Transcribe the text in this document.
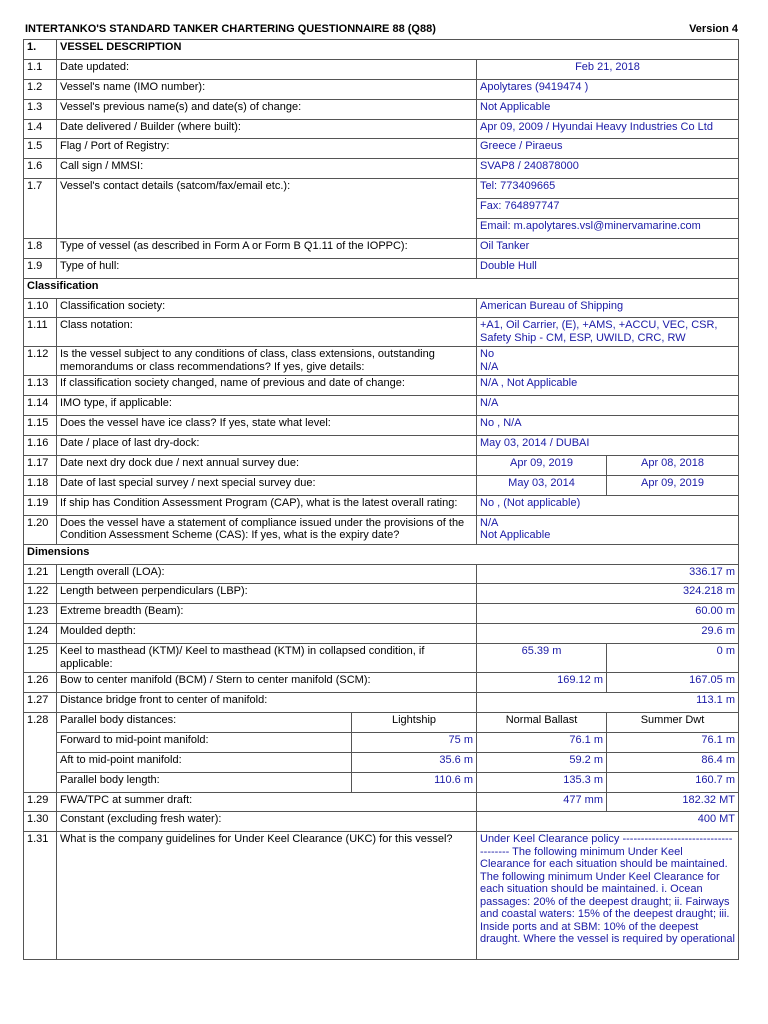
INTERTANKO'S STANDARD TANKER CHARTERING QUESTIONNAIRE 88 (Q88)	Version 4
1.	VESSEL DESCRIPTION			
1.1	Date updated:		Feb 21, 2018	
1.2	Vessel's name (IMO number):		Apolytares (9419474 )	
1.3	Vessel's previous name(s) and date(s) of change:		Not Applicable	
1.4	Date delivered / Builder (where built):		Apr 09, 2009 / Hyundai Heavy Industries Co Ltd	
1.5	Flag / Port of Registry:		Greece / Piraeus	
1.6	Call sign / MMSI:		SVAP8 / 240878000	
1.7	Vessel's contact details (satcom/fax/email etc.):		Tel: 773409665	
			Fax: 764897747	
			Email: m.apolytares.vsl@minervamarine.com	
1.8	Type of vessel (as described in Form A or Form B Q1.11 of the IOPPC):		Oil Tanker	
1.9	Type of hull:		Double Hull	
Classification				
1.10	Classification society:		American Bureau of Shipping	
1.11	Class notation:		+A1, Oil Carrier, (E), +AMS, +ACCU, VEC, CSR, Safety Ship - CM, ESP, UWILD, CRC, RW	
1.12	Is the vessel subject to any conditions of class, class extensions, outstanding memorandums or class recommendations? If yes, give details:		No
N/A	

1.13	If classification society changed, name of previous and date of change:		N/A , Not Applicable	
1.14	IMO type, if applicable:		N/A	
1.15	Does the vessel have ice class? If yes, state what level:		No , N/A	
1.16	Date / place of last dry-dock:		May 03, 2014 / DUBAI	
1.17	Date next dry dock due / next annual survey due:		Apr 09, 2019	Apr 08, 2018
1.18	Date of last special survey / next special survey due:		May 03, 2014	Apr 09, 2019
1.19	If ship has Condition Assessment Program (CAP), what is the latest overall rating:		No , (Not applicable)	
1.20	Does the vessel have a statement of compliance issued under the provisions of the Condition Assessment Scheme (CAS): If yes, what is the expiry date?		N/A
Not Applicable	

Dimensions				
1.21	Length overall (LOA):		336.17 m	
1.22	Length between perpendiculars (LBP):		324.218 m	
1.23	Extreme breadth (Beam):		60.00 m	
1.24	Moulded depth:		29.6 m	
1.25	Keel to masthead (KTM)/ Keel to masthead (KTM) in collapsed condition, if applicable:		65.39 m	0 m
1.26	Bow to center manifold (BCM) / Stern to center manifold (SCM):		169.12 m	167.05 m
1.27	Distance bridge front to center of manifold:		113.1 m	
1.28	Parallel body distances:	Lightship	Normal Ballast	Summer Dwt
	Forward to mid-point manifold:	75 m	76.1 m	76.1 m
	Aft to mid-point manifold:	35.6 m	59.2 m	86.4 m
	Parallel body length:	110.6 m	135.3 m	160.7 m
1.29	FWA/TPC at summer draft:		477 mm	182.32 MT
1.30	Constant (excluding fresh water):		400 MT	
1.31	What is the company guidelines for Under Keel Clearance (UKC) for this vessel?		Under Keel Clearance policy -------------------------------------- The following minimum Under Keel Clearance for each situation should be maintained. The following minimum Under Keel Clearance for each situation should be maintained. i. Ocean passages: 20% of the deepest draught; ii. Fairways and coastal waters: 15% of the deepest draught; iii. Inside ports and at SBM: 10% of the deepest draught. Where the vessel is required by operational	
